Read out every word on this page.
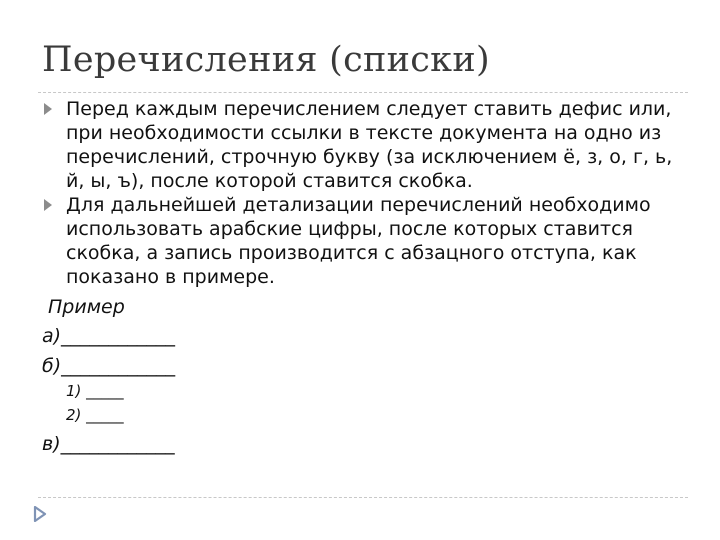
Перечисления (списки)

Перед каждым перечислением следует ставить дефис или, при необходимости ссылки в тексте документа на одно из перечислений, строчную букву (за исключением ё, з, о, г, ь, й, ы, ъ), после которой ставится скобка.

Для дальнейшей детализации перечислений необходимо использовать арабские цифры, после которых ставится скобка, а запись производится с абзацного отступа, как показано в примере.

Пример
а)____________
б)____________
1) _____
2) _____
в)____________
